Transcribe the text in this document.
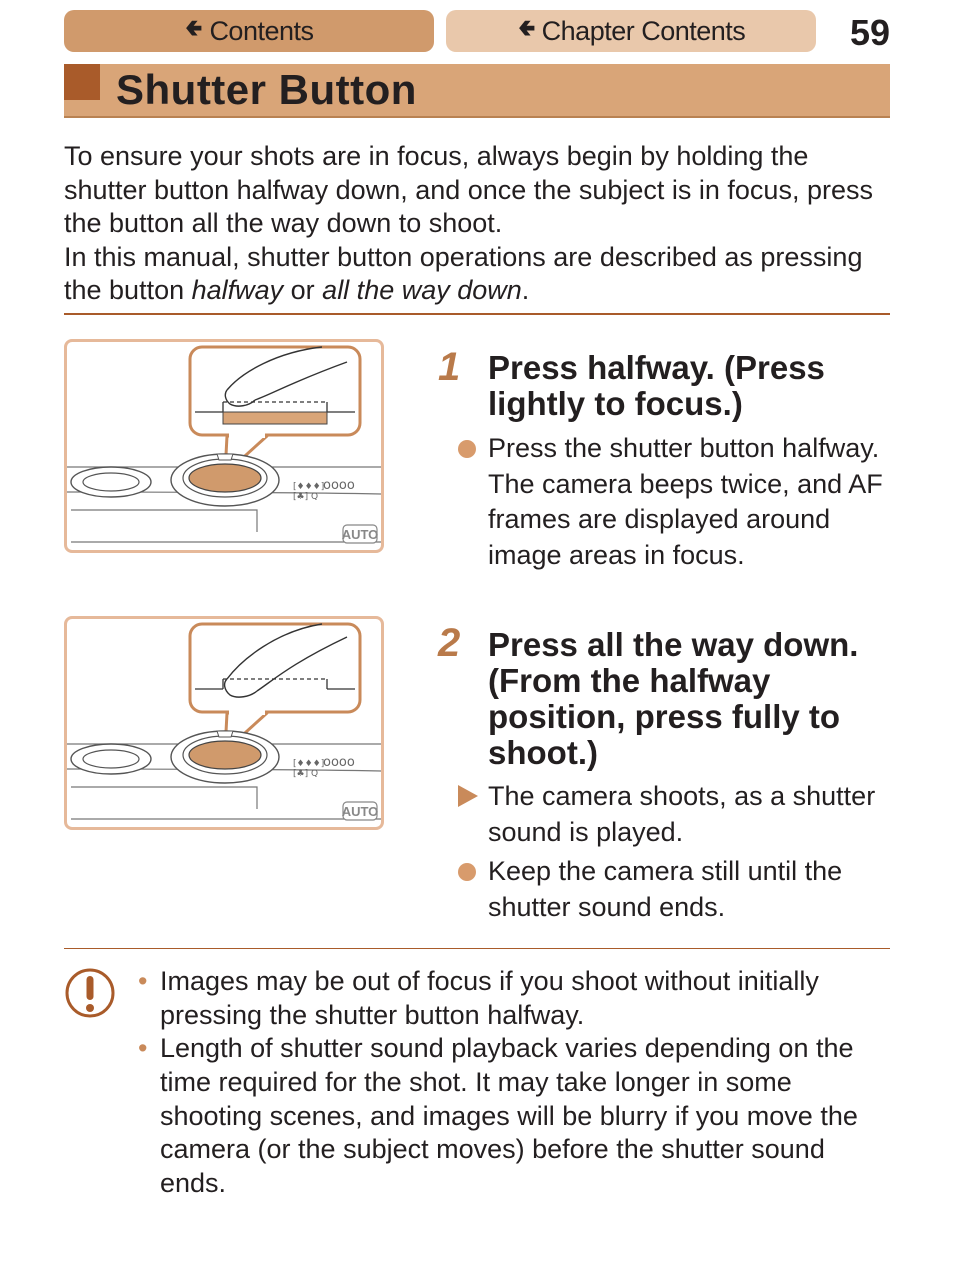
🢀 Contents	🢀 Chapter Contents	59
Shutter Button

To ensure your shots are in focus, always begin by holding the shutter button halfway down, and once the subject is in focus, press the button all the way down to shoot.

In this manual, shutter button operations are described as pressing the button halfway or all the way down.

[♦♦♦]
[♣] Q
oooo
AUTO
[♦♦♦]
[♣] Q
oooo
AUTO
1 Press halfway. (Press lightly to focus.)
Press the shutter button halfway. The camera beeps twice, and AF frames are displayed around image areas in focus.
2 Press all the way down. (From the halfway position, press fully to shoot.)
The camera shoots, as a shutter sound is played.
Keep the camera still until the shutter sound ends.
• Images may be out of focus if you shoot without initially pressing the shutter button halfway.
• Length of shutter sound playback varies depending on the time required for the shot. It may take longer in some shooting scenes, and images will be blurry if you move the camera (or the subject moves) before the shutter sound ends.
